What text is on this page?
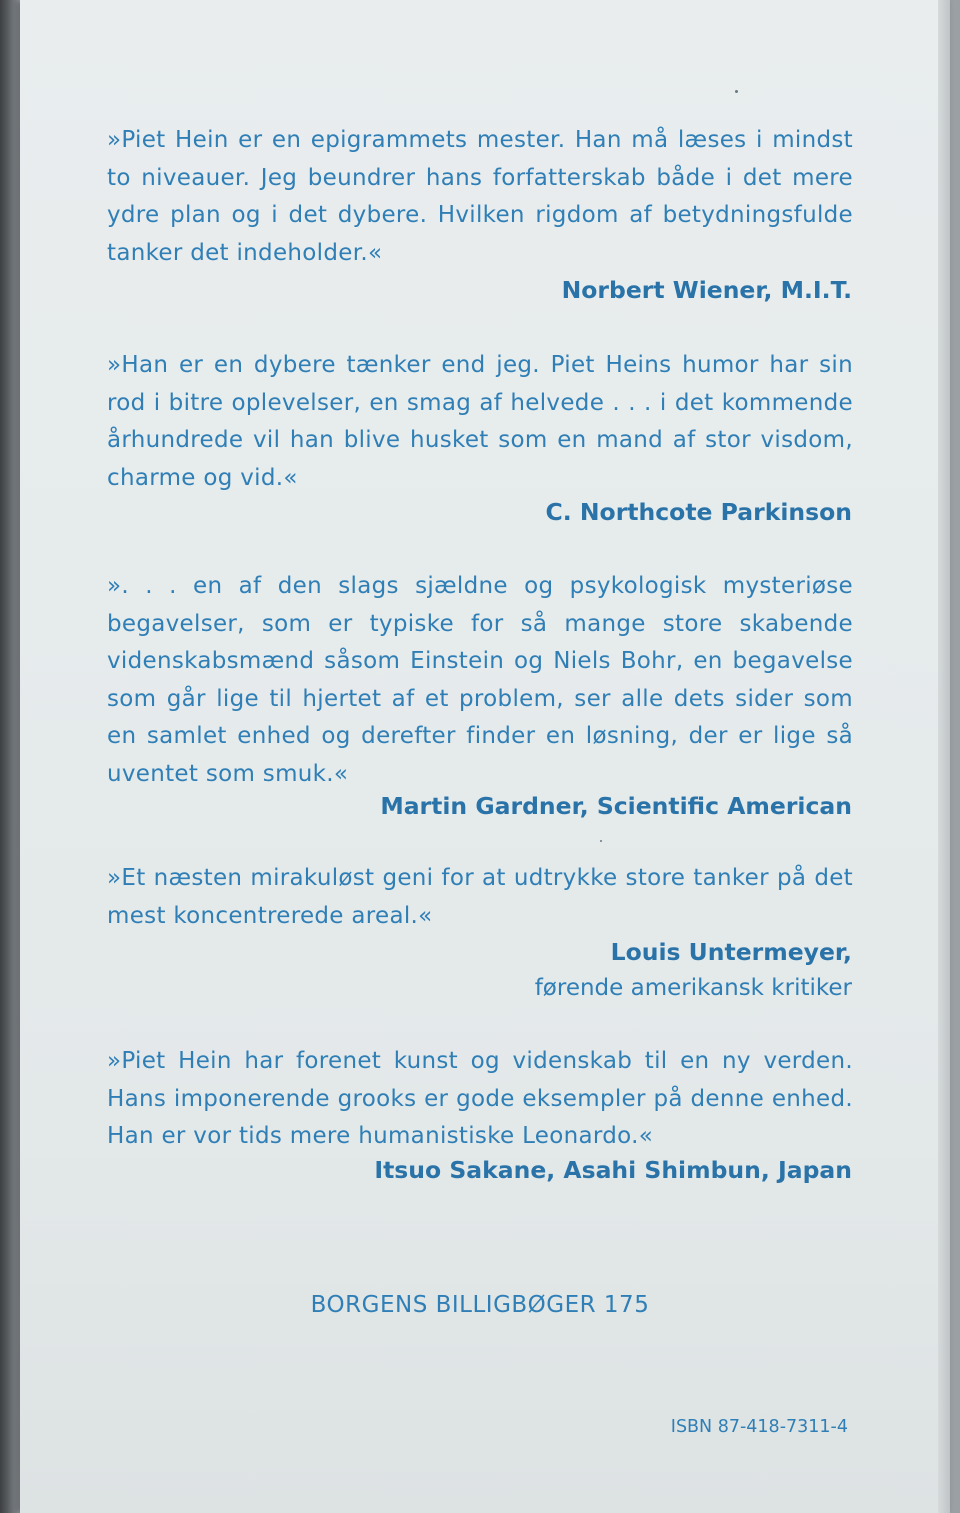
»Piet Hein er en epigrammets mester. Han må læses i mindst to niveauer. Jeg beundrer hans forfatterskab både i det mere ydre plan og i det dybere. Hvilken rigdom af betydningsfulde tanker det indeholder.«
Norbert Wiener, M.I.T.
»Han er en dybere tænker end jeg. Piet Heins humor har sin rod i bitre oplevelser, en smag af helvede . . . i det kommende århundrede vil han blive husket som en mand af stor visdom, charme og vid.«
C. Northcote Parkinson
». . . en af den slags sjældne og psykologisk mysteriøse begavelser, som er typiske for så mange store skabende videnskabsmænd såsom Einstein og Niels Bohr, en begavelse som går lige til hjertet af et problem, ser alle dets sider som en samlet enhed og derefter finder en løsning, der er lige så uventet som smuk.«
Martin Gardner, Scientific American
»Et næsten mirakuløst geni for at udtrykke store tanker på det mest koncentrerede areal.«
Louis Untermeyer,
førende amerikansk kritiker
»Piet Hein har forenet kunst og videnskab til en ny verden. Hans imponerende grooks er gode eksempler på denne enhed. Han er vor tids mere humanistiske Leonardo.«
Itsuo Sakane, Asahi Shimbun, Japan
BORGENS BILLIGBØGER 175
ISBN 87-418-7311-4
